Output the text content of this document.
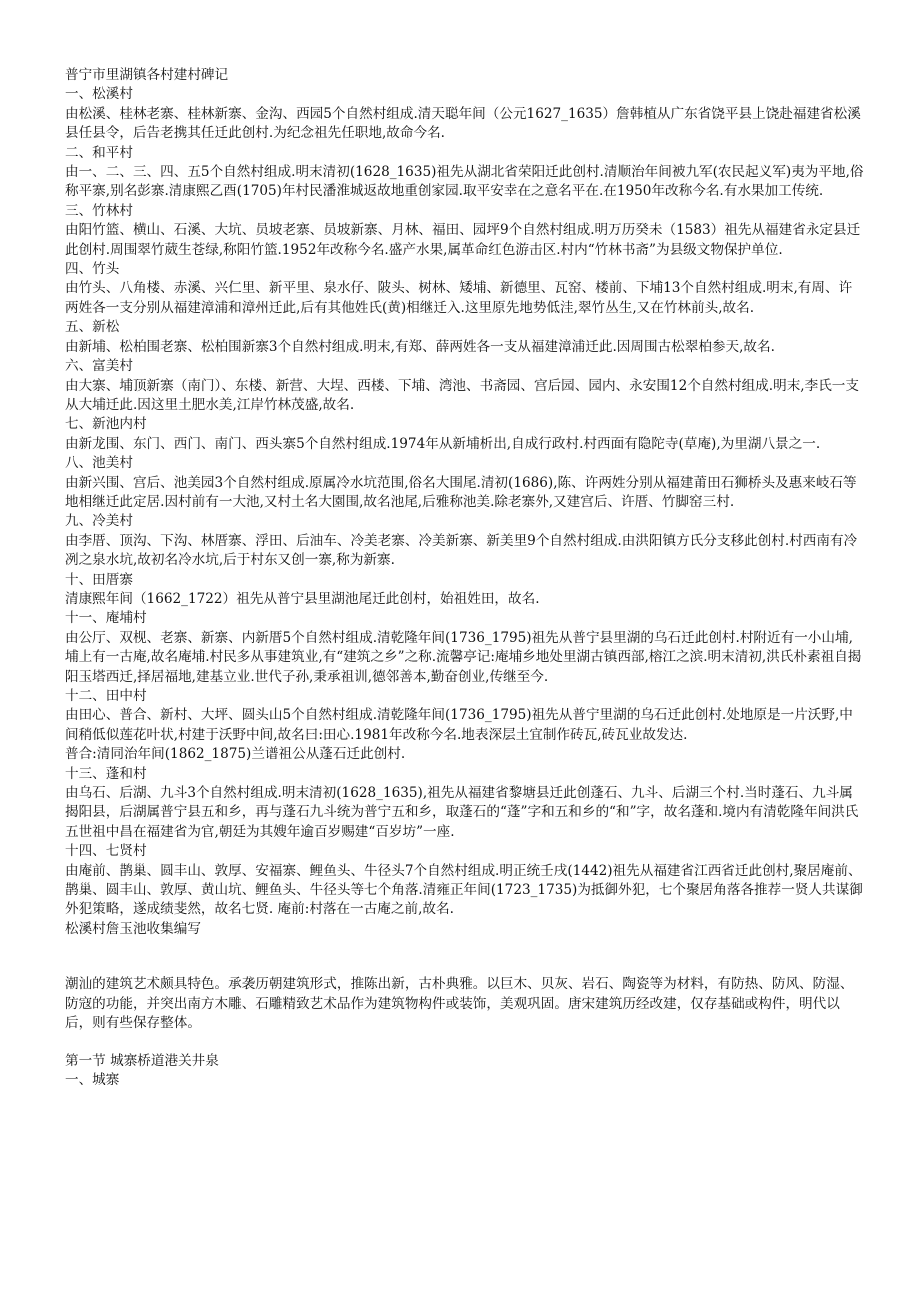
普宁市里湖镇各村建村碑记

一、松溪村

由松溪、桂林老寨、桂林新寨、金沟、西园5个自然村组成.清天聪年间（公元1627_1635）詹韩植从广东省饶平县上饶赴福建省松溪县任县令，后告老携其任迁此创村.为纪念祖先任职地,故命今名.

二、和平村

由一、二、三、四、五5个自然村组成.明末清初(1628_1635)祖先从湖北省荣阳迁此创村.清顺治年间被九军(农民起义军)夷为平地,俗称平寨,别名彭寨.清康熙乙酉(1705)年村民潘淮城返故地重创家园.取平安幸在之意名平在.在1950年改称今名.有水果加工传统.

三、竹林村

由阳竹篮、横山、石溪、大坑、员坡老寨、员坡新寨、月林、福田、园坪9个自然村组成.明万历癸未（1583）祖先从福建省永定县迁此创村.周围翠竹葳生苍绿,称阳竹篮.1952年改称今名.盛产水果,属革命红色游击区.村内“竹林书斋”为县级文物保护单位.

四、竹头

由竹头、八角楼、赤溪、兴仁里、新平里、泉水仔、陂头、树林、矮埔、新德里、瓦窑、楼前、下埔13个自然村组成.明末,有周、许两姓各一支分别从福建漳浦和漳州迁此,后有其他姓氏(黄)相继迁入.这里原先地势低洼,翠竹丛生,又在竹林前头,故名.

五、新松

由新埔、松柏围老寨、松柏围新寨3个自然村组成.明末,有郑、薛两姓各一支从福建漳浦迁此.因周围古松翠柏参天,故名.

六、富美村

由大寨、埔顶新寨（南门）、东楼、新营、大埕、西楼、下埔、湾池、书斋园、宫后园、园内、永安围12个自然村组成.明末,李氏一支从大埔迁此.因这里土肥水美,江岸竹林茂盛,故名.

七、新池内村

由新龙围、东门、西门、南门、西头寨5个自然村组成.1974年从新埔析出,自成行政村.村西面有隐陀寺(草庵),为里湖八景之一.

八、池美村

由新兴围、宫后、池美园3个自然村组成.原属冷水坑范围,俗名大围尾.清初(1686),陈、许两姓分别从福建莆田石狮桥头及惠来岐石等地相继迁此定居.因村前有一大池,又村土名大園围,故名池尾,后雅称池美.除老寨外,又建宫后、许厝、竹脚窑三村.

九、冷美村

由李厝、顶沟、下沟、林厝寨、浮田、后油车、冷美老寨、冷美新寨、新美里9个自然村组成.由洪阳镇方氏分支移此创村.村西南有冷冽之泉水坑,故初名冷水坑,后于村东又创一寨,称为新寨.

十、田厝寨

清康熙年间（1662_1722）祖先从普宁县里湖池尾迁此创村，始祖姓田，故名.

十一、庵埔村

由公厅、双枧、老寨、新寨、内新厝5个自然村组成.清乾隆年间(1736_1795)祖先从普宁县里湖的乌石迁此创村.村附近有一小山埔,埔上有一古庵,故名庵埔.村民多从事建筑业,有“建筑之乡”之称.流馨亭记:庵埔乡地处里湖古镇西部,榕江之滨.明末清初,洪氏朴素祖自揭阳玉塔西迁,择居福地,建基立业.世代子孙,秉承祖训,德邻善本,勤奋创业,传继至今.

十二、田中村

由田心、普合、新村、大坪、圆头山5个自然村组成.清乾隆年间(1736_1795)祖先从普宁里湖的乌石迁此创村.处地原是一片沃野,中间稍低似莲花叶状,村建于沃野中间,故名曰:田心.1981年改称今名.地表深层土宜制作砖瓦,砖瓦业故发达.

普合:清同治年间(1862_1875)兰谱祖公从蓬石迁此创村.

十三、蓬和村

由乌石、后湖、九斗3个自然村组成.明末清初(1628_1635),祖先从福建省黎塘县迁此创蓬石、九斗、后湖三个村.当时蓬石、九斗属揭阳县，后湖属普宁县五和乡，再与蓬石九斗统为普宁五和乡，取蓬石的“蓬”字和五和乡的“和”字，故名蓬和.境内有清乾隆年间洪氏五世祖中昌在福建省为官,朝廷为其嫂年逾百岁赐建“百岁坊”一座.

十四、七贤村

由庵前、鹊巢、圆丰山、敦厚、安福寨、鲤鱼头、牛径头7个自然村组成.明正统壬戌(1442)祖先从福建省江西省迁此创村,聚居庵前、鹊巢、圆丰山、敦厚、黄山坑、鲤鱼头、牛径头等七个角落.清雍正年间(1723_1735)为抵御外犯，七个聚居角落各推荐一贤人共谋御外犯策略，遂成绩斐然，故名七贤. 庵前:村落在一古庵之前,故名.

松溪村詹玉池收集编写

潮汕的建筑艺术颇具特色。承袭历朝建筑形式，推陈出新，古朴典雅。以巨木、贝灰、岩石、陶瓷等为材料，有防热、防风、防湿、防寇的功能，并突出南方木雕、石雕精致艺术品作为建筑物构件或装饰，美观巩固。唐宋建筑历经改建，仅存基础或构件，明代以后，则有些保存整体。

第一节 城寨桥道港关井泉

一、城寨
